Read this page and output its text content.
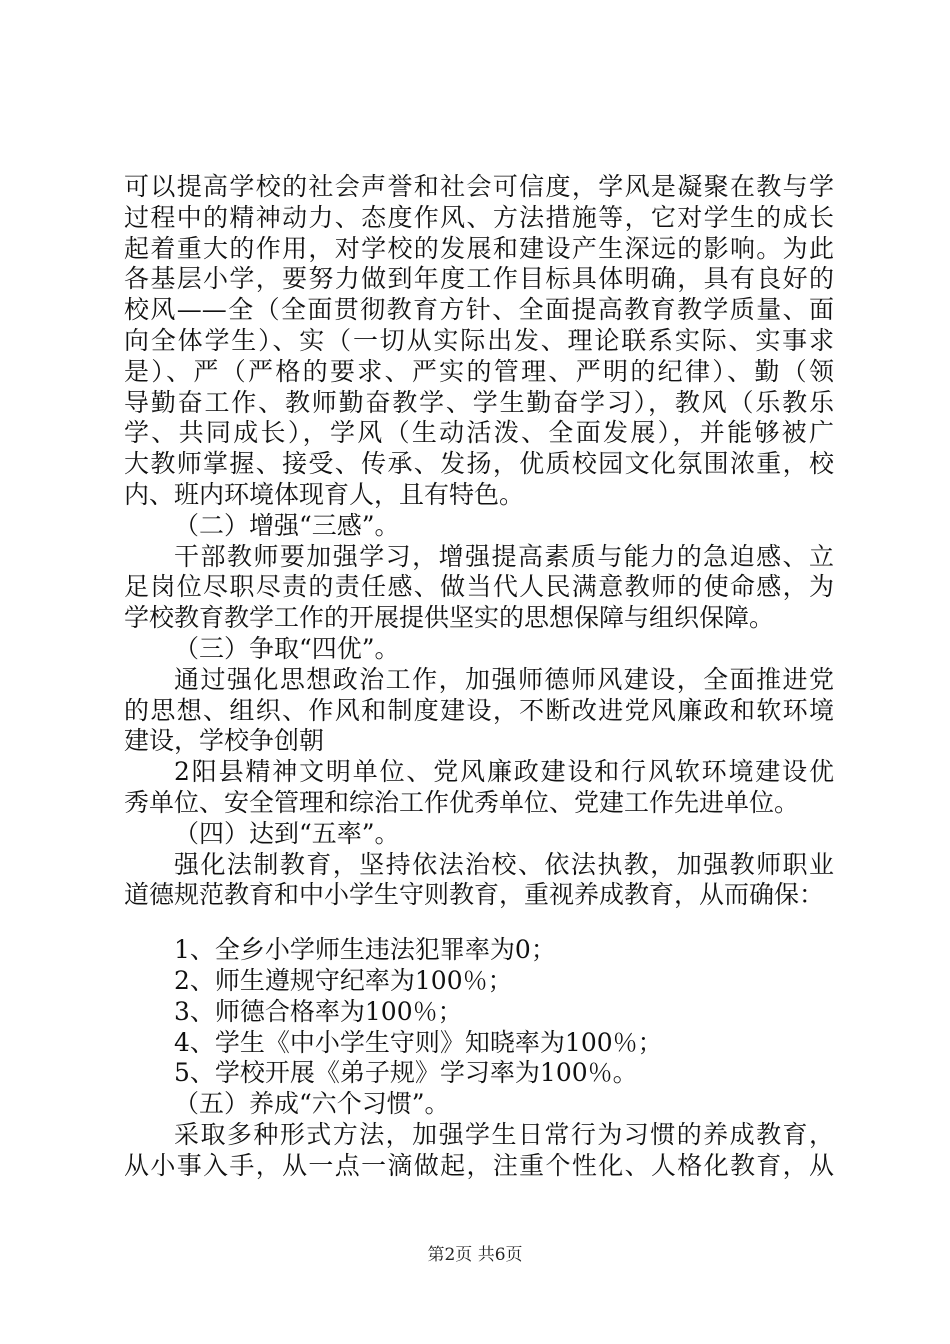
可以提高学校的社会声誉和社会可信度，学风是凝聚在教与学
过程中的精神动力、态度作风、方法措施等，它对学生的成长
起着重大的作用，对学校的发展和建设产生深远的影响。为此
各基层小学，要努力做到年度工作目标具体明确，具有良好的
校风——全（全面贯彻教育方针、全面提高教育教学质量、面
向全体学生）、实（一切从实际出发、理论联系实际、实事求
是）、严（严格的要求、严实的管理、严明的纪律）、勤（领
导勤奋工作、教师勤奋教学、学生勤奋学习），教风（乐教乐
学、共同成长），学风（生动活泼、全面发展），并能够被广
大教师掌握、接受、传承、发扬，优质校园文化氛围浓重，校
内、班内环境体现育人，且有特色。
（二）增强“三感”。
干部教师要加强学习，增强提高素质与能力的急迫感、立
足岗位尽职尽责的责任感、做当代人民满意教师的使命感，为
学校教育教学工作的开展提供坚实的思想保障与组织保障。
（三）争取“四优”。
通过强化思想政治工作，加强师德师风建设，全面推进党
的思想、组织、作风和制度建设，不断改进党风廉政和软环境
建设，学校争创朝
2阳县精神文明单位、党风廉政建设和行风软环境建设优
秀单位、安全管理和综治工作优秀单位、党建工作先进单位。
（四）达到“五率”。
强化法制教育，坚持依法治校、依法执教，加强教师职业
道德规范教育和中小学生守则教育，重视养成教育，从而确保：
1、全乡小学师生违法犯罪率为0；
2、师生遵规守纪率为100％；
3、师德合格率为100％；
4、学生《中小学生守则》知晓率为100％；
5、学校开展《弟子规》学习率为100％。
（五）养成“六个习惯”。
采取多种形式方法，加强学生日常行为习惯的养成教育，
从小事入手，从一点一滴做起，注重个性化、人格化教育，从
第2页 共6页
